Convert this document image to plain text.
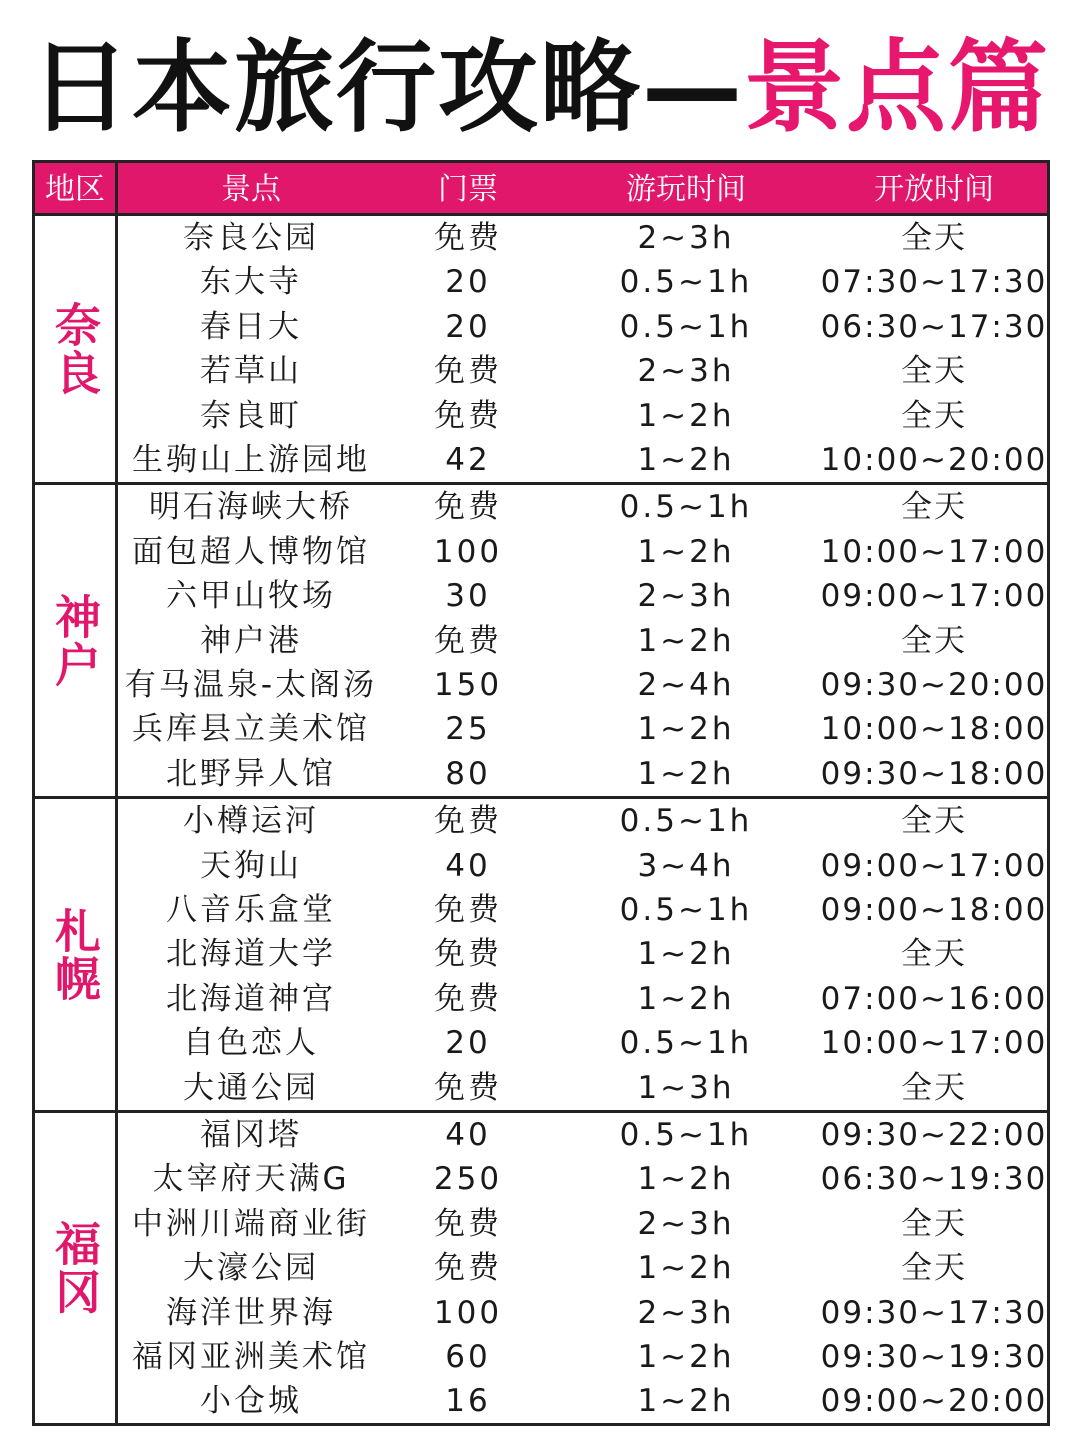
日本旅行攻略—景点篇
地区	景点	门票	游玩时间	开放时间
奈良
奈良公园	免费	2~3h	全天
东大寺	20	0.5~1h	07:30~17:30
春日大	20	0.5~1h	06:30~17:30
若草山	免费	2~3h	全天
奈良町	免费	1~2h	全天
生驹山上游园地	42	1~2h	10:00~20:00
神户
明石海峡大桥	免费	0.5~1h	全天
面包超人博物馆	100	1~2h	10:00~17:00
六甲山牧场	30	2~3h	09:00~17:00
神户港	免费	1~2h	全天
有马温泉-太阁汤	150	2~4h	09:30~20:00
兵库县立美术馆	25	1~2h	10:00~18:00
北野异人馆	80	1~2h	09:30~18:00
札幌
小樽运河	免费	0.5~1h	全天
天狗山	40	3~4h	09:00~17:00
八音乐盒堂	免费	0.5~1h	09:00~18:00
北海道大学	免费	1~2h	全天
北海道神宫	免费	1~2h	07:00~16:00
自色恋人	20	0.5~1h	10:00~17:00
大通公园	免费	1~3h	全天
福冈
福冈塔	40	0.5~1h	09:30~22:00
太宰府天满G	250	1~2h	06:30~19:30
中洲川端商业街	免费	2~3h	全天
大濠公园	免费	1~2h	全天
海洋世界海	100	2~3h	09:30~17:30
福冈亚洲美术馆	60	1~2h	09:30~19:30
小仓城	16	1~2h	09:00~20:00
